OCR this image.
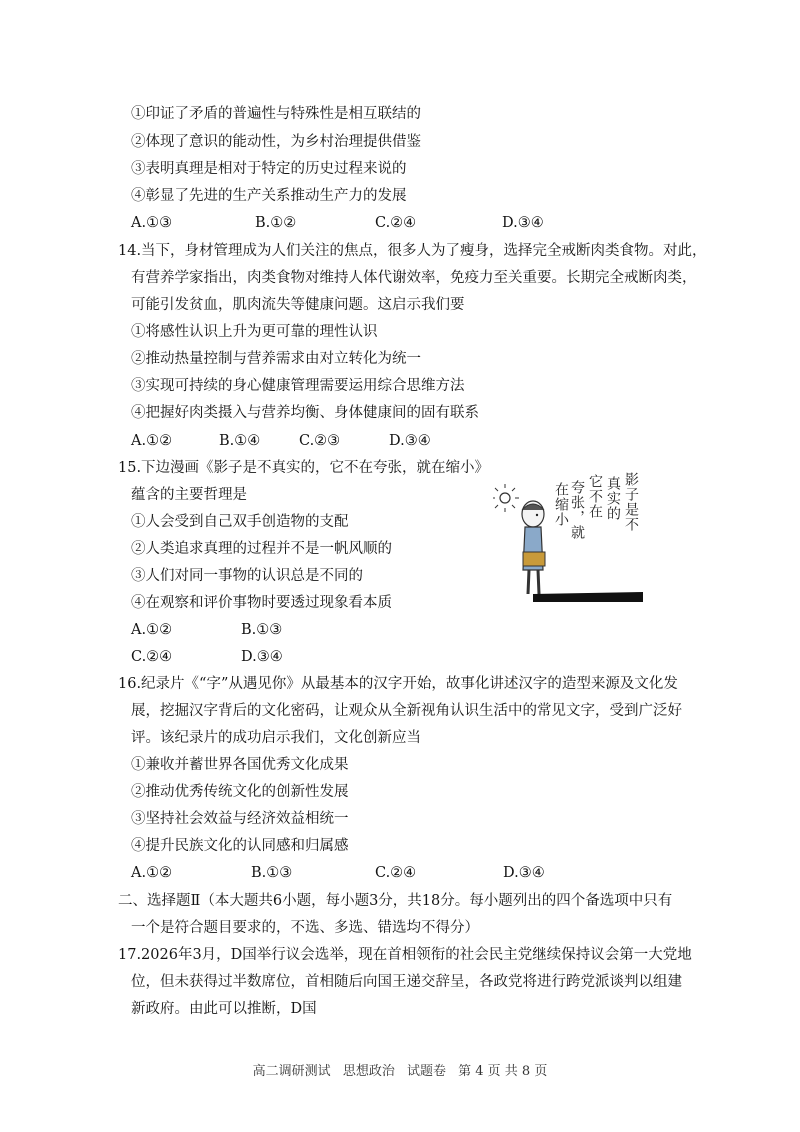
①印证了矛盾的普遍性与特殊性是相互联结的
②体现了意识的能动性，为乡村治理提供借鉴
③表明真理是相对于特定的历史过程来说的
④彰显了先进的生产关系推动生产力的发展
A.①③	B.①②	C.②④	D.③④
14.当下，身材管理成为人们关注的焦点，很多人为了瘦身，选择完全戒断肉类食物。对此，
有营养学家指出，肉类食物对维持人体代谢效率，免疫力至关重要。长期完全戒断肉类，
可能引发贫血，肌肉流失等健康问题。这启示我们要
①将感性认识上升为更可靠的理性认识
②推动热量控制与营养需求由对立转化为统一
③实现可持续的身心健康管理需要运用综合思维方法
④把握好肉类摄入与营养均衡、身体健康间的固有联系
A.①②	B.①④	C.②③	D.③④
15.下边漫画《影子是不真实的，它不在夸张，就在缩小》
蕴含的主要哲理是
①人会受到自己双手创造物的支配
②人类追求真理的过程并不是一帆风顺的
③人们对同一事物的认识总是不同的
④在观察和评价事物时要透过现象看本质
A.①②	B.①③
C.②④	D.③④
影子是不
真实的
它不在
夸张，就
在缩小
16.纪录片《“字”从遇见你》从最基本的汉字开始，故事化讲述汉字的造型来源及文化发
展，挖掘汉字背后的文化密码，让观众从全新视角认识生活中的常见文字，受到广泛好
评。该纪录片的成功启示我们，文化创新应当
①兼收并蓄世界各国优秀文化成果
②推动优秀传统文化的创新性发展
③坚持社会效益与经济效益相统一
④提升民族文化的认同感和归属感
A.①②	B.①③	C.②④	D.③④
二、选择题Ⅱ（本大题共6小题，每小题3分，共18分。每小题列出的四个备选项中只有
一个是符合题目要求的，不选、多选、错选均不得分）
17.2026年3月，D国举行议会选举，现在首相领衔的社会民主党继续保持议会第一大党地
位，但未获得过半数席位，首相随后向国王递交辞呈，各政党将进行跨党派谈判以组建
新政府。由此可以推断，D国
高二调研测试 思想政治 试题卷 第 4 页 共 8 页
